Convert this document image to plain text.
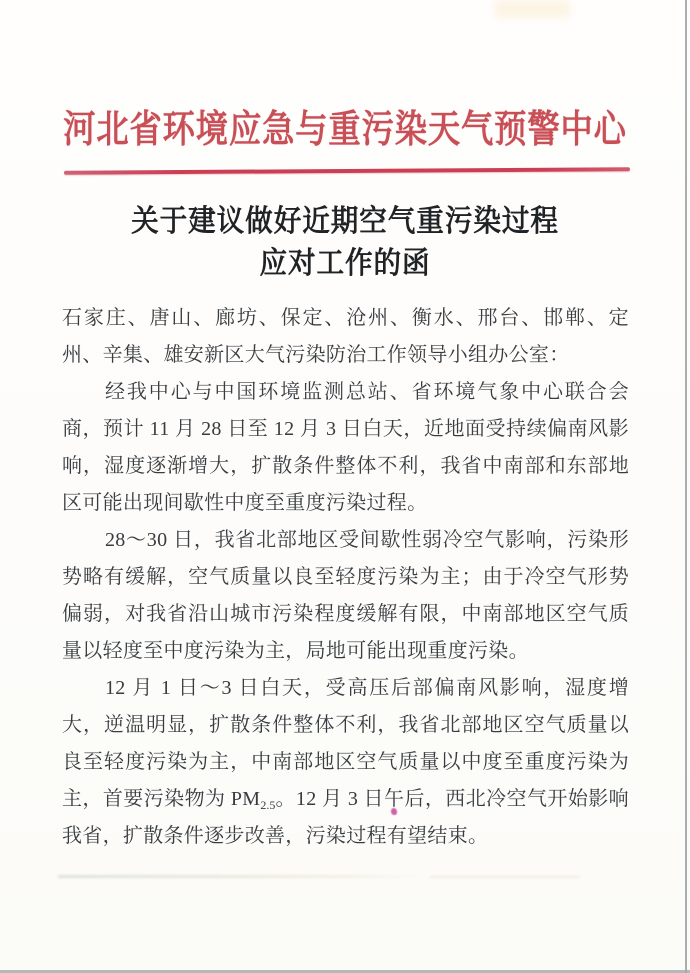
河北省环境应急与重污染天气预警中心
关于建议做好近期空气重污染过程
应对工作的函

石家庄、唐山、廊坊、保定、沧州、衡水、邢台、邯郸、定州、辛集、雄安新区大气污染防治工作领导小组办公室：

经我中心与中国环境监测总站、省环境气象中心联合会商，预计 11 月 28 日至 12 月 3 日白天，近地面受持续偏南风影响，湿度逐渐增大，扩散条件整体不利，我省中南部和东部地区可能出现间歇性中度至重度污染过程。

28～30 日，我省北部地区受间歇性弱冷空气影响，污染形势略有缓解，空气质量以良至轻度污染为主；由于冷空气形势偏弱，对我省沿山城市污染程度缓解有限，中南部地区空气质量以轻度至中度污染为主，局地可能出现重度污染。

12 月 1 日～3 日白天，受高压后部偏南风影响，湿度增大，逆温明显，扩散条件整体不利，我省北部地区空气质量以良至轻度污染为主，中南部地区空气质量以中度至重度污染为主，首要污染物为 $PM_{2.5}$。12 月 3 日午后，西北冷空气开始影响我省，扩散条件逐步改善，污染过程有望结束。
